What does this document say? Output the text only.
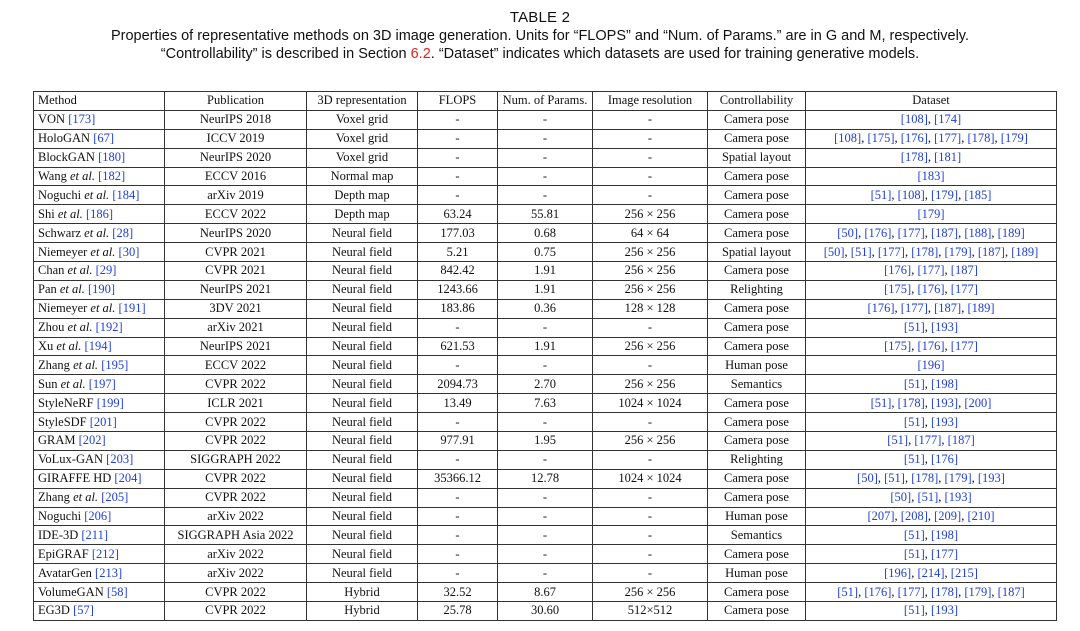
TABLE 2
Properties of representative methods on 3D image generation. Units for “FLOPS” and “Num. of Params.” are in G and M, respectively.
“Controllability” is described in Section 6.2. “Dataset” indicates which datasets are used for training generative models.
Method	Publication	3D representation	FLOPS	Num. of Params.	Image resolution	Controllability	Dataset
VON [173]	NeurIPS 2018	Voxel grid	-	-	-	Camera pose	[108], [174]
HoloGAN [67]	ICCV 2019	Voxel grid	-	-	-	Camera pose	[108], [175], [176], [177], [178], [179]
BlockGAN [180]	NeurIPS 2020	Voxel grid	-	-	-	Spatial layout	[178], [181]
Wang et al. [182]	ECCV 2016	Normal map	-	-	-	Camera pose	[183]
Noguchi et al. [184]	arXiv 2019	Depth map	-	-	-	Camera pose	[51], [108], [179], [185]
Shi et al. [186]	ECCV 2022	Depth map	63.24	55.81	256 × 256	Camera pose	[179]
Schwarz et al. [28]	NeurIPS 2020	Neural field	177.03	0.68	64 × 64	Camera pose	[50], [176], [177], [187], [188], [189]
Niemeyer et al. [30]	CVPR 2021	Neural field	5.21	0.75	256 × 256	Spatial layout	[50], [51], [177], [178], [179], [187], [189]
Chan et al. [29]	CVPR 2021	Neural field	842.42	1.91	256 × 256	Camera pose	[176], [177], [187]
Pan et al. [190]	NeurIPS 2021	Neural field	1243.66	1.91	256 × 256	Relighting	[175], [176], [177]
Niemeyer et al. [191]	3DV 2021	Neural field	183.86	0.36	128 × 128	Camera pose	[176], [177], [187], [189]
Zhou et al. [192]	arXiv 2021	Neural field	-	-	-	Camera pose	[51], [193]
Xu et al. [194]	NeurIPS 2021	Neural field	621.53	1.91	256 × 256	Camera pose	[175], [176], [177]
Zhang et al. [195]	ECCV 2022	Neural field	-	-	-	Human pose	[196]
Sun et al. [197]	CVPR 2022	Neural field	2094.73	2.70	256 × 256	Semantics	[51], [198]
StyleNeRF [199]	ICLR 2021	Neural field	13.49	7.63	1024 × 1024	Camera pose	[51], [178], [193], [200]
StyleSDF [201]	CVPR 2022	Neural field	-	-	-	Camera pose	[51], [193]
GRAM [202]	CVPR 2022	Neural field	977.91	1.95	256 × 256	Camera pose	[51], [177], [187]
VoLux-GAN [203]	SIGGRAPH 2022	Neural field	-	-	-	Relighting	[51], [176]
GIRAFFE HD [204]	CVPR 2022	Neural field	35366.12	12.78	1024 × 1024	Camera pose	[50], [51], [178], [179], [193]
Zhang et al. [205]	CVPR 2022	Neural field	-	-	-	Camera pose	[50], [51], [193]
Noguchi [206]	arXiv 2022	Neural field	-	-	-	Human pose	[207], [208], [209], [210]
IDE-3D [211]	SIGGRAPH Asia 2022	Neural field	-	-	-	Semantics	[51], [198]
EpiGRAF [212]	arXiv 2022	Neural field	-	-	-	Camera pose	[51], [177]
AvatarGen [213]	arXiv 2022	Neural field	-	-	-	Human pose	[196], [214], [215]
VolumeGAN [58]	CVPR 2022	Hybrid	32.52	8.67	256 × 256	Camera pose	[51], [176], [177], [178], [179], [187]
EG3D [57]	CVPR 2022	Hybrid	25.78	30.60	512×512	Camera pose	[51], [193]
